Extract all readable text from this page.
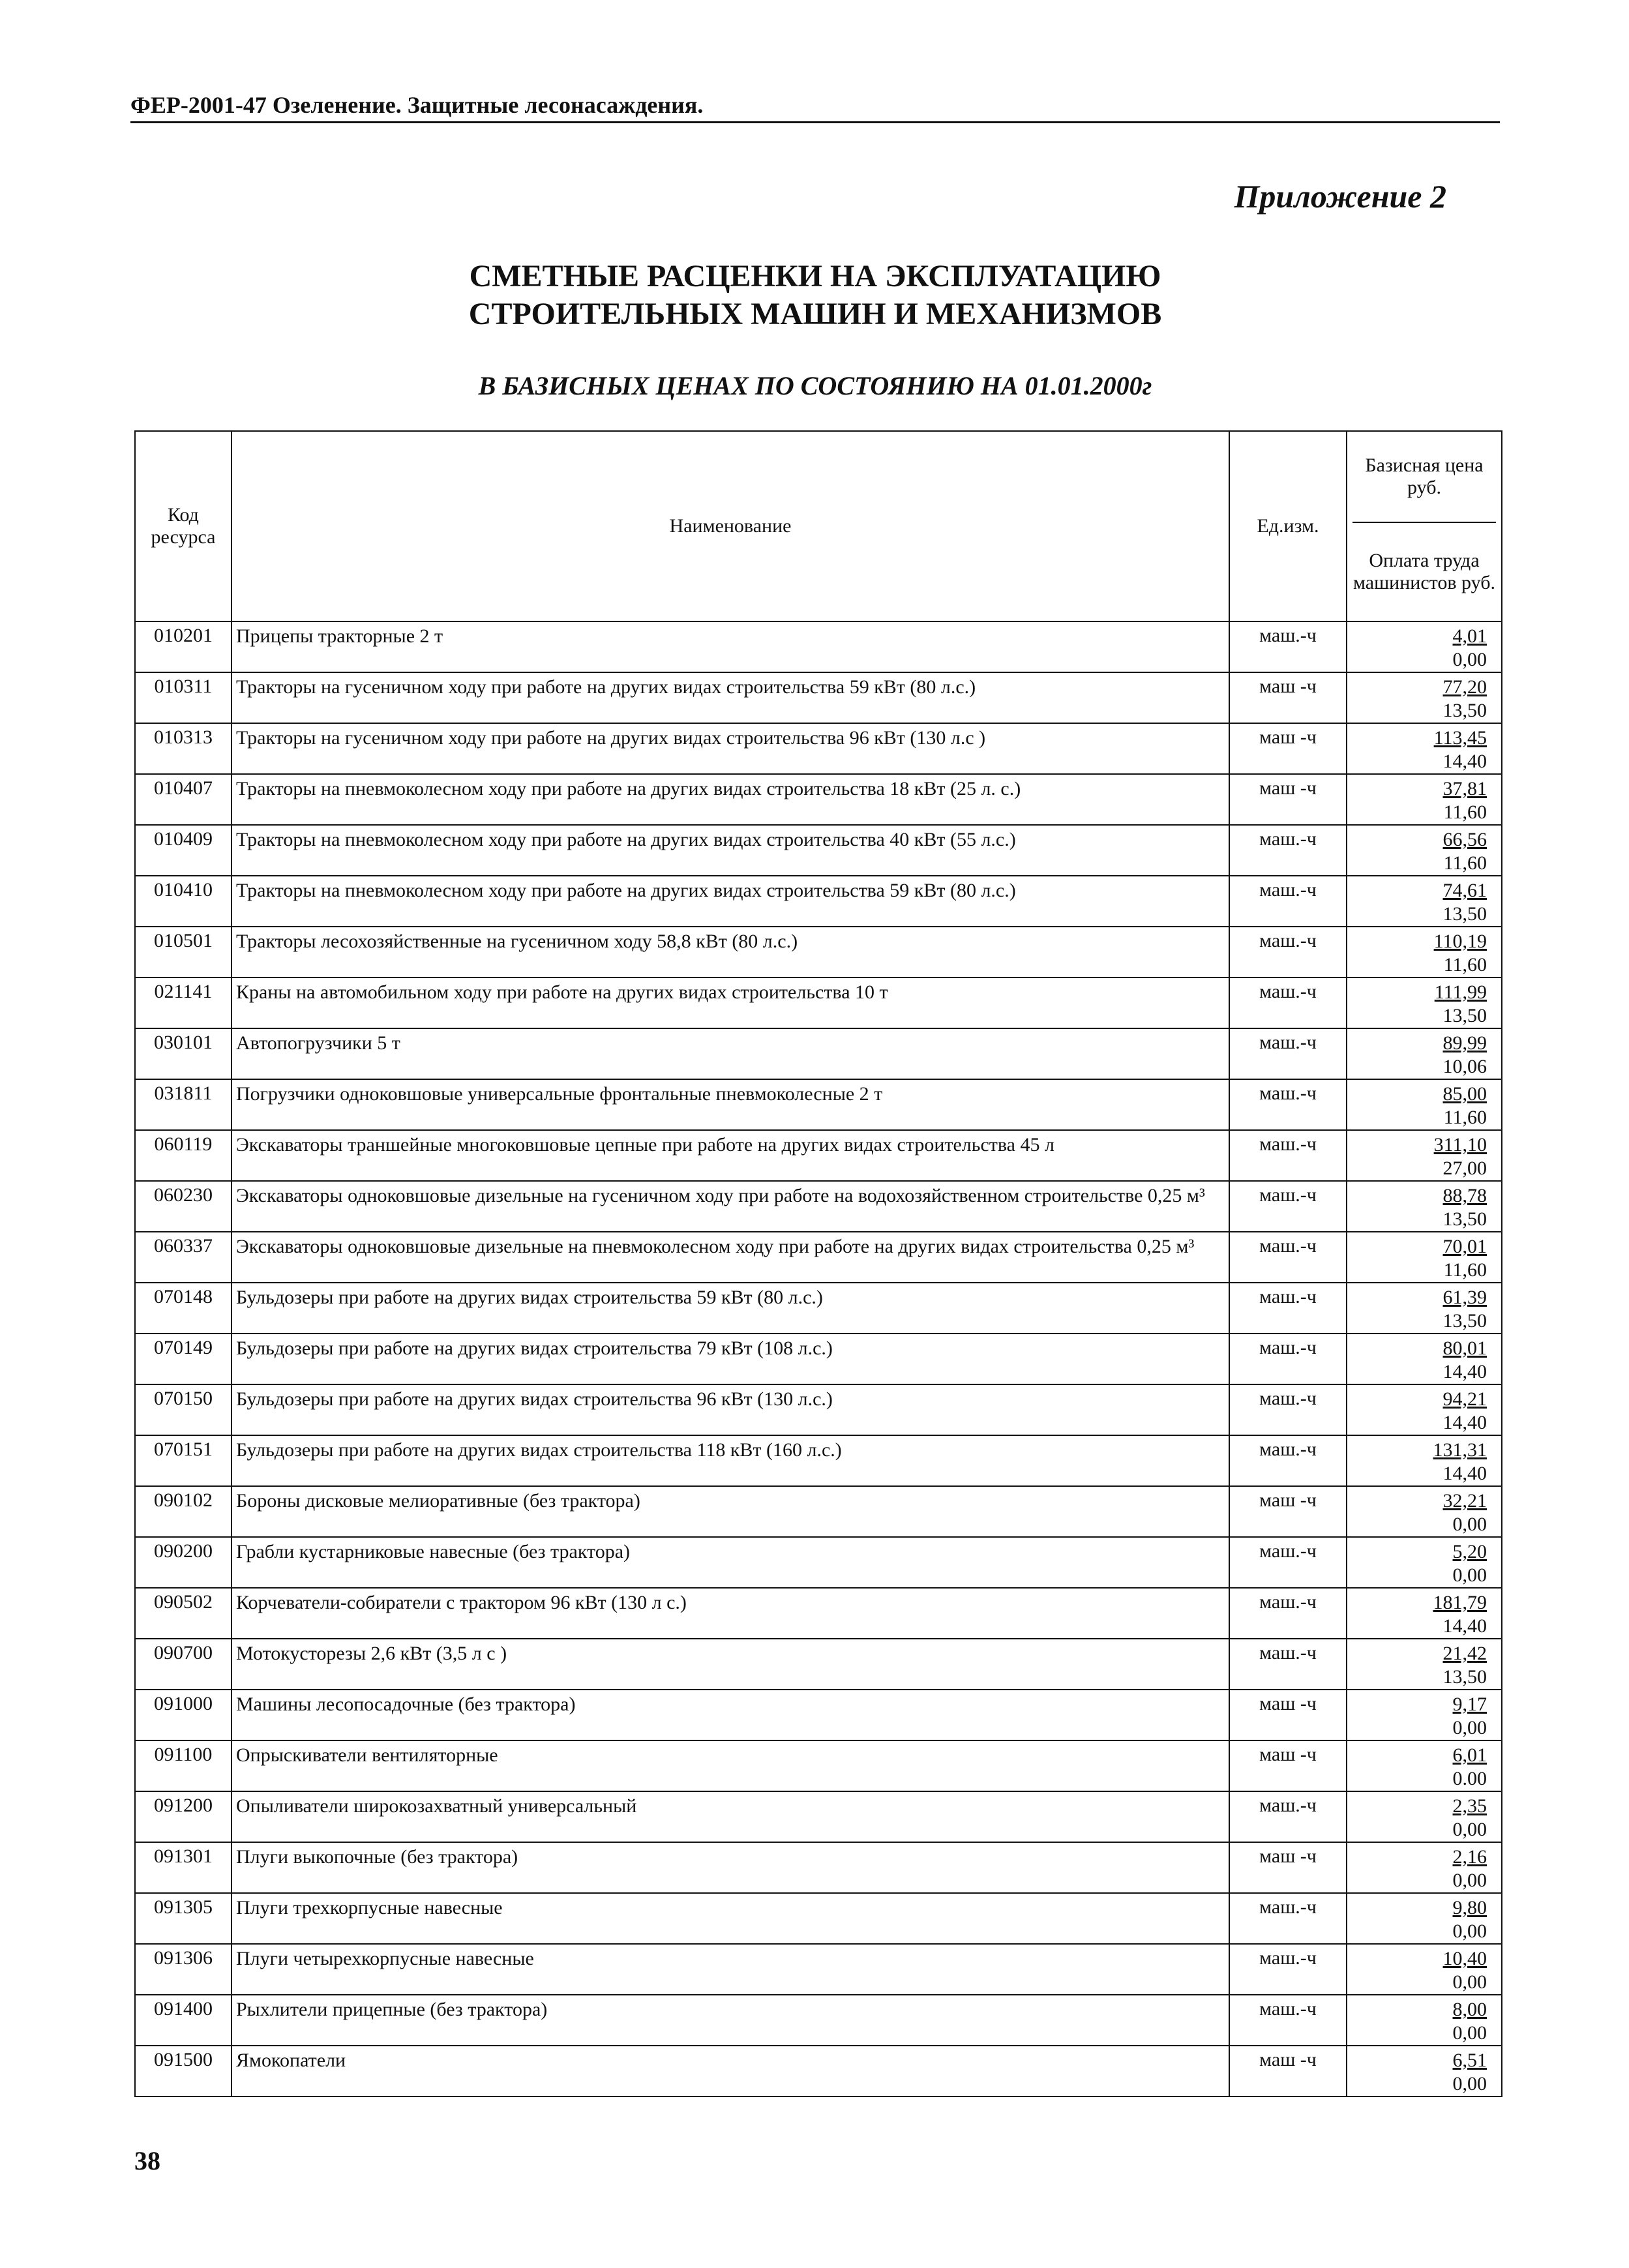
ФЕР-2001-47 Озеленение. Защитные лесонасаждения.
Приложение 2
СМЕТНЫЕ РАСЦЕНКИ НА ЭКСПЛУАТАЦИЮ
СТРОИТЕЛЬНЫХ МАШИН И МЕХАНИЗМОВ
В БАЗИСНЫХ ЦЕНАХ ПО СОСТОЯНИЮ НА 01.01.2000г
Код ресурса	Наименование	Ед.изм.	Базисная цена руб.
Оплата труда машинистов руб.

010201	Прицепы тракторные 2 т	маш.-ч	4,01
0,00

010311	Тракторы на гусеничном ходу при работе на других видах строительства 59 кВт (80 л.с.)	маш -ч	77,20
13,50

010313	Тракторы на гусеничном ходу при работе на других видах строительства 96 кВт (130 л.с )	маш -ч	113,45
14,40

010407	Тракторы на пневмоколесном ходу при работе на других видах строительства 18 кВт (25 л. с.)	маш -ч	37,81
11,60

010409	Тракторы на пневмоколесном ходу при работе на других видах строительства 40 кВт (55 л.с.)	маш.-ч	66,56
11,60

010410	Тракторы на пневмоколесном ходу при работе на других видах строительства 59 кВт (80 л.с.)	маш.-ч	74,61
13,50

010501	Тракторы лесохозяйственные на гусеничном ходу 58,8 кВт (80 л.с.)	маш.-ч	110,19
11,60

021141	Краны на автомобильном ходу при работе на других видах строительства 10 т	маш.-ч	111,99
13,50

030101	Автопогрузчики 5 т	маш.-ч	89,99
10,06

031811	Погрузчики одноковшовые универсальные фронтальные пневмоколесные 2 т	маш.-ч	85,00
11,60

060119	Экскаваторы траншейные многоковшовые цепные при работе на других видах строительства 45 л	маш.-ч	311,10
27,00

060230	Экскаваторы одноковшовые дизельные на гусеничном ходу при работе на водохозяйственном строительстве 0,25 м³	маш.-ч	88,78
13,50

060337	Экскаваторы одноковшовые дизельные на пневмоколесном ходу при работе на других видах строительства 0,25 м³	маш.-ч	70,01
11,60

070148	Бульдозеры при работе на других видах строительства 59 кВт (80 л.с.)	маш.-ч	61,39
13,50

070149	Бульдозеры при работе на других видах строительства 79 кВт (108 л.с.)	маш.-ч	80,01
14,40

070150	Бульдозеры при работе на других видах строительства 96 кВт (130 л.с.)	маш.-ч	94,21
14,40

070151	Бульдозеры при работе на других видах строительства 118 кВт (160 л.с.)	маш.-ч	131,31
14,40

090102	Бороны дисковые мелиоративные (без трактора)	маш -ч	32,21
0,00

090200	Грабли кустарниковые навесные (без трактора)	маш.-ч	5,20
0,00

090502	Корчеватели-собиратели с трактором 96 кВт (130 л с.)	маш.-ч	181,79
14,40

090700	Мотокусторезы 2,6 кВт (3,5 л с )	маш.-ч	21,42
13,50

091000	Машины лесопосадочные (без трактора)	маш -ч	9,17
0,00

091100	Опрыскиватели вентиляторные	маш -ч	6,01
0.00

091200	Опыливатели широкозахватный универсальный	маш.-ч	2,35
0,00

091301	Плуги выкопочные (без трактора)	маш -ч	2,16
0,00

091305	Плуги трехкорпусные навесные	маш.-ч	9,80
0,00

091306	Плуги четырехкорпусные навесные	маш.-ч	10,40
0,00

091400	Рыхлители прицепные (без трактора)	маш.-ч	8,00
0,00

091500	Ямокопатели	маш -ч	6,51
0,00
38
